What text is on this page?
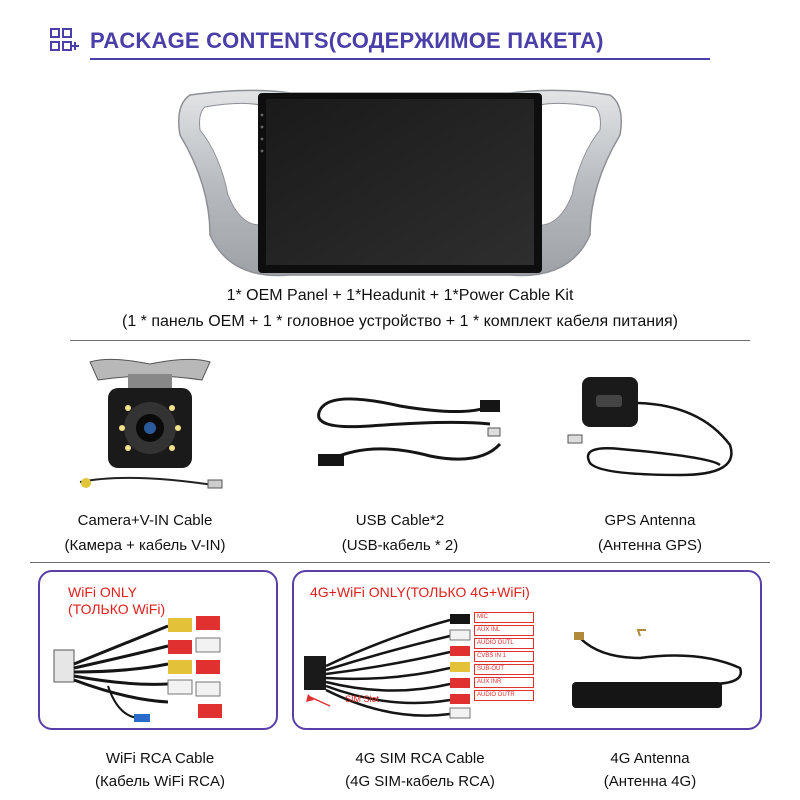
PACKAGE CONTENTS(СОДЕРЖИМОЕ ПАКЕТА)
1* OEM Panel + 1*Headunit + 1*Power Cable Kit
(1 * панель OEM + 1 * головное устройство + 1 * комплект кабеля питания)
Camera+V-IN Cable
(Камера + кабель V-IN)
USB Cable*2
(USB-кабель * 2)
GPS Antenna
(Антенна GPS)
WiFi ONLY
(ТОЛЬКО WiFi)
WiFi RCA Cable
(Кабель WiFi RCA)
4G+WiFi ONLY(ТОЛЬКО 4G+WiFi)
SIM Slot
MIC
AUX INL
AUDIO OUTL
CVBS IN 1
SUB-OUT
AUX INR
AUDIO OUTR
4G SIM RCA Cable
(4G SIM-кабель RCA)
4G Antenna
(Антенна 4G)
